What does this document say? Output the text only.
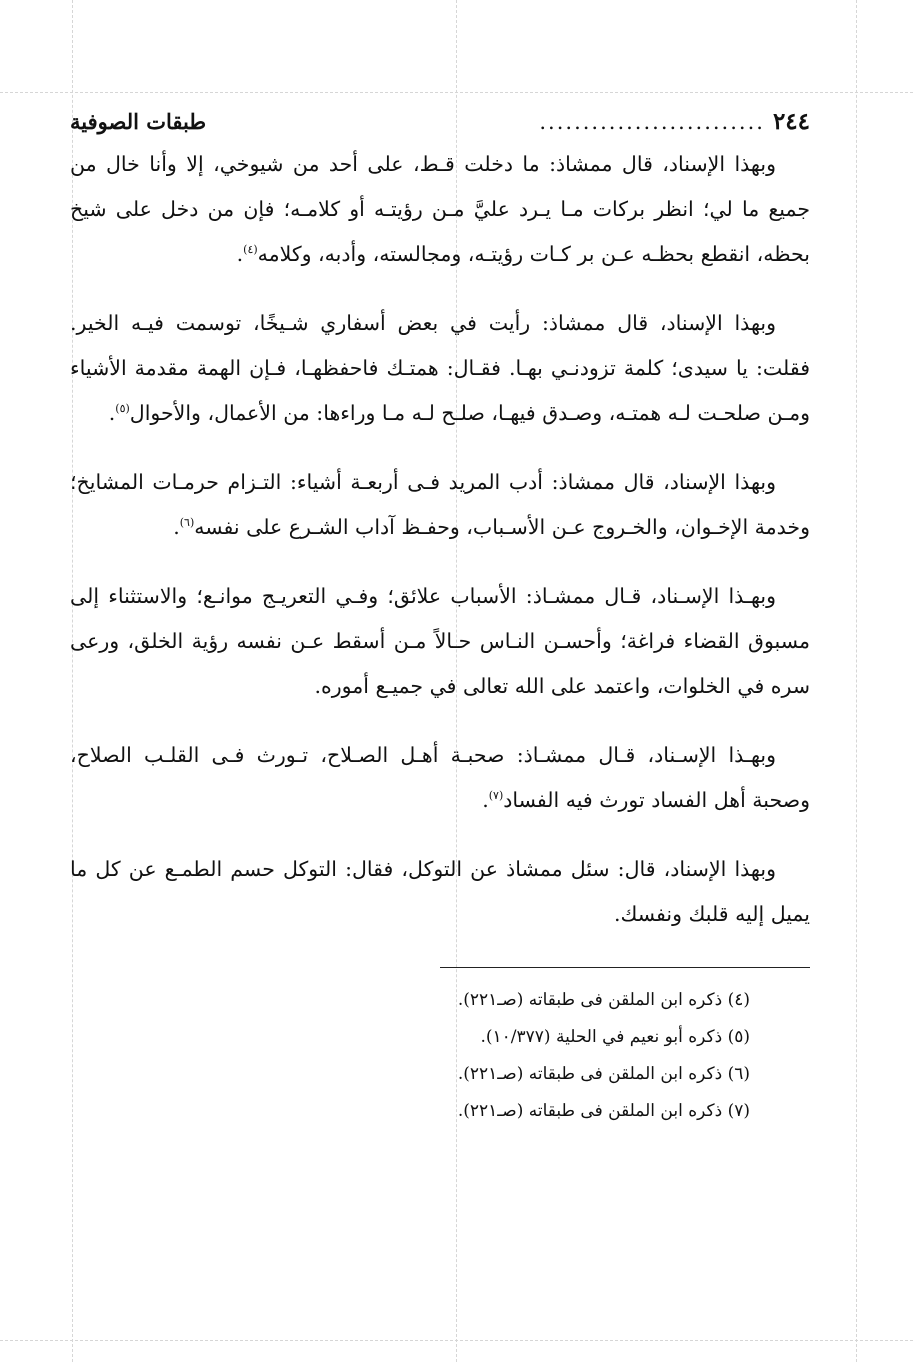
٢٤٤
..........................
طبقات الصوفية

وبهذا الإسناد، قال ممشاذ: ما دخلت قـط، على أحد من شيوخي، إلا وأنا خال من جميع ما لي؛ انظر بركات مـا يـرد عليَّ مـن رؤيتـه أو كلامـه؛ فإن من دخل على شيخ بحظه، انقطع بحظـه عـن بر كـات رؤيتـه، ومجالسته، وأدبه، وكلامه$^{(٤)}$.

وبهذا الإسناد، قال ممشاذ: رأيت في بعض أسفاري شـيخًا، توسمت فيـه الخير. فقلت: يا سيدى؛ كلمة تزودنـي بهـا. فقـال: همتـك فاحفظهـا، فـإن الهمة مقدمة الأشياء ومـن صلحـت لـه همتـه، وصـدق فيهـا، صلـح لـه مـا وراءها: من الأعمال، والأحوال$^{(٥)}$.

وبهذا الإسناد، قال ممشاذ: أدب المريد فـى أربعـة أشياء: التـزام حرمـات المشايخ؛ وخدمة الإخـوان، والخـروج عـن الأسـباب، وحفـظ آداب الشـرع على نفسه$^{(٦)}$.

وبهـذا الإسـناد، قـال ممشـاذ: الأسباب علائق؛ وفـي التعريـج موانـع؛ والاستثناء إلى مسبوق القضاء فراغة؛ وأحسـن النـاس حـالاً مـن أسقط عـن نفسه رؤية الخلق، ورعى سره في الخلوات، واعتمد على الله تعالى في جميـع أموره.

وبهـذا الإسـناد، قـال ممشـاذ: صحبـة أهـل الصـلاح، تـورث فـى القلـب الصلاح، وصحبة أهل الفساد تورث فيه الفساد$^{(٧)}$.

وبهذا الإسناد، قال: سئل ممشاذ عن التوكل، فقال: التوكل حسم الطمـع عن كل ما يميل إليه قلبك ونفسك.

(٤) ذكره ابن الملقن فى طبقاته (صـ٢٢١).
(٥) ذكره أبو نعيم في الحلية (١٠/٣٧٧).
(٦) ذكره ابن الملقن فى طبقاته (صـ٢٢١).
(٧) ذكره ابن الملقن فى طبقاته (صـ٢٢١).
